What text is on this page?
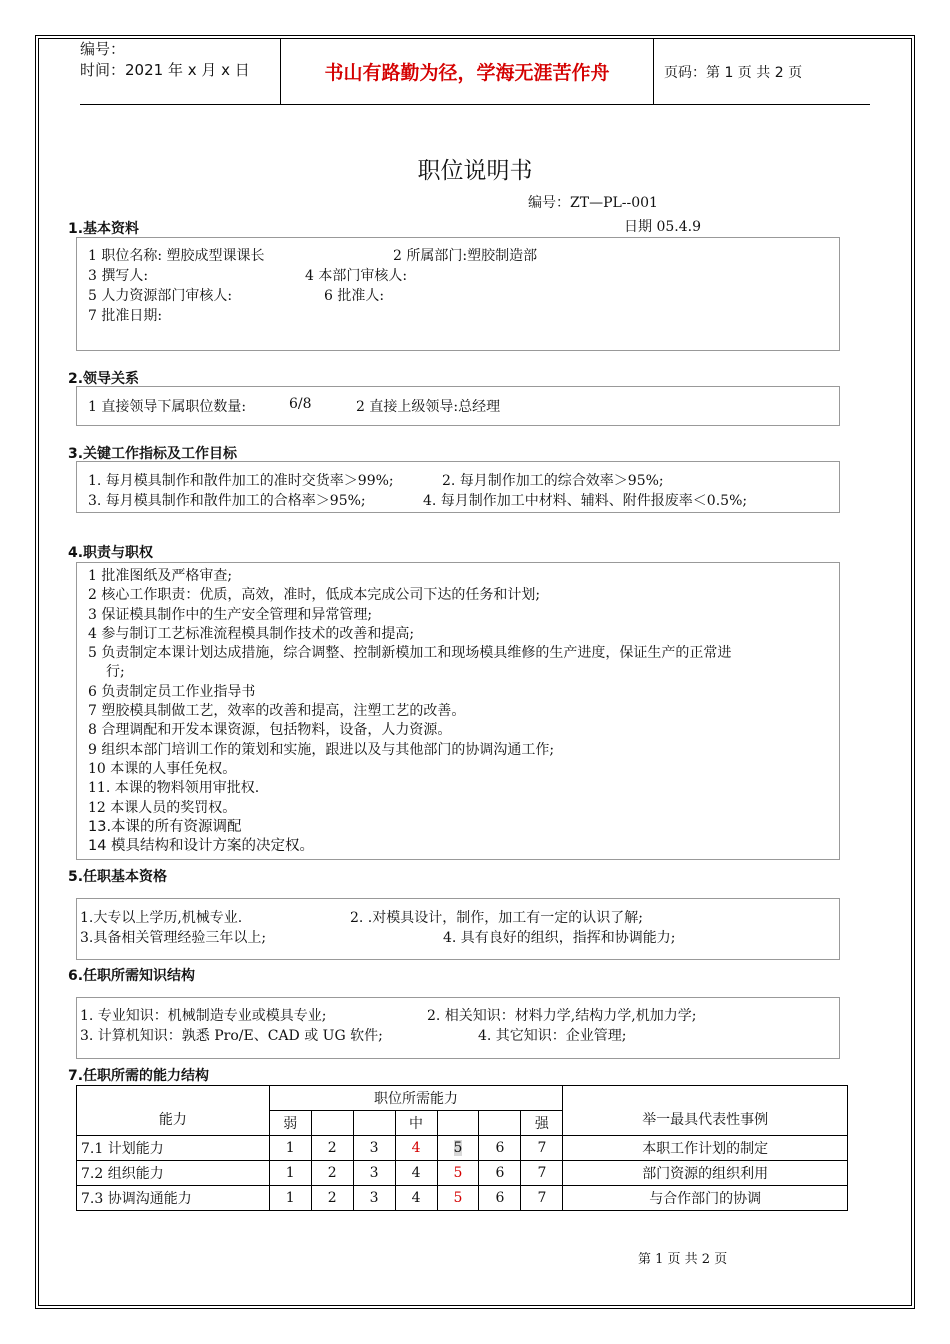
编号：
时间：2021 年 x 月 x 日	书山有路勤为径，学海无涯苦作舟	页码：第 1 页 共 2 页
职位说明书
编号：ZT—PL--001
日期 05.4.9
1.基本资料
1 职位名称: 塑胶成型课课长	2 所属部门:塑胶制造部
3 撰写人:	4 本部门审核人:
5 人力资源部门审核人:	6 批准人:
7 批准日期:
2.领导关系
1 直接领导下属职位数量:	6/8	2 直接上级领导:总经理
3.关键工作指标及工作目标
1. 每月模具制作和散件加工的准时交货率＞99%;	2. 每月制作加工的综合效率＞95%;
3. 每月模具制作和散件加工的合格率＞95%;	4. 每月制作加工中材料、辅料、附件报废率＜0.5%;
4.职责与职权
1 批准图纸及严格审查;
2 核心工作职责：优质，高效，准时，低成本完成公司下达的任务和计划;
3 保证模具制作中的生产安全管理和异常管理;
4 参与制订工艺标准流程模具制作技术的改善和提高;
5 负责制定本课计划达成措施，综合调整、控制新模加工和现场模具维修的生产进度，保证生产的正常进
行;
6 负责制定员工作业指导书
7 塑胶模具制做工艺，效率的改善和提高，注塑工艺的改善。
8 合理调配和开发本课资源，包括物料，设备，人力资源。
9 组织本部门培训工作的策划和实施，跟进以及与其他部门的协调沟通工作;
10 本课的人事任免权。
11. 本课的物料领用审批权.
12 本课人员的奖罚权。
13.本课的所有资源调配
14 模具结构和设计方案的决定权。
5.任职基本资格
1.大专以上学历,机械专业.	2. .对模具设计，制作，加工有一定的认识了解;
3.具备相关管理经验三年以上;	4. 具有良好的组织，指挥和协调能力;
6.任职所需知识结构
1. 专业知识：机械制造专业或模具专业;	2. 相关知识：材料力学,结构力学,机加力学;
3. 计算机知识：孰悉 Pro/E、CAD 或 UG 软件;	4. 其它知识：企业管理;
7.任职所需的能力结构
能力	职位所需能力							举一最具代表性事例
	弱			中			强	
7.1 计划能力	1	2	3	4	5	6	7	本职工作计划的制定
7.2 组织能力	1	2	3	4	5	6	7	部门资源的组织利用
7.3 协调沟通能力	1	2	3	4	5	6	7	与合作部门的协调
第 1 页 共 2 页
